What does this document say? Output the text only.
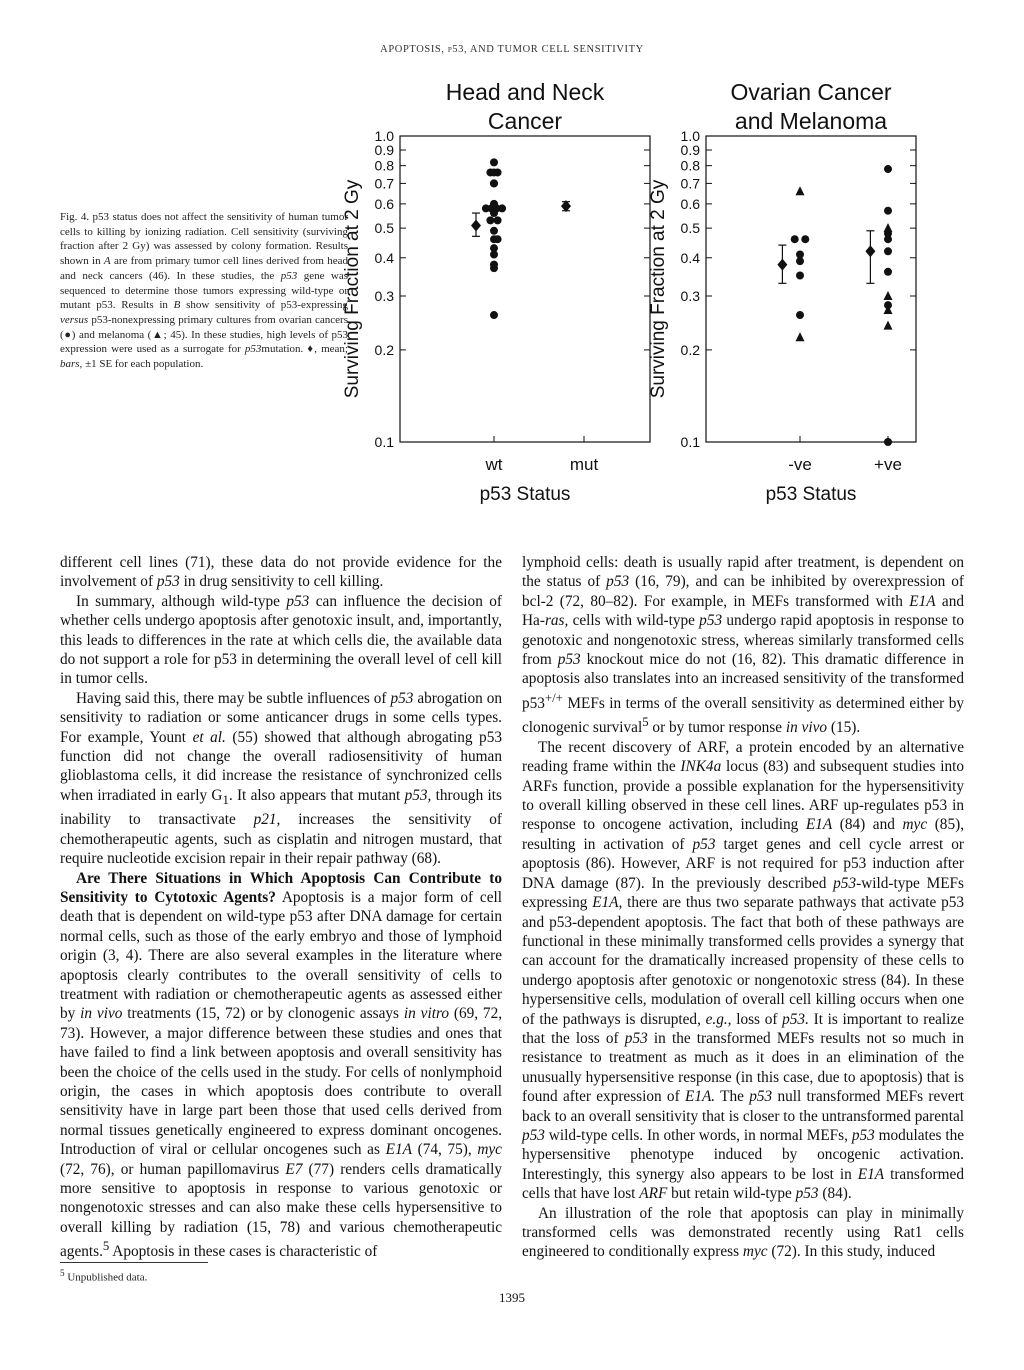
APOPTOSIS, p53, AND TUMOR CELL SENSITIVITY
Fig. 4. p53 status does not affect the sensitivity of human tumor cells to killing by ionizing radiation. Cell sensitivity (surviving fraction after 2 Gy) was assessed by colony formation. Results shown in A are from primary tumor cell lines derived from head and neck cancers (46). In these studies, the p53 gene was sequenced to determine those tumors expressing wild-type or mutant p53. Results in B show sensitivity of p53-expressing versus p53-nonexpressing primary cultures from ovarian cancers (●) and melanoma (▲; 45). In these studies, high levels of p53 expression were used as a surrogate for p53mutation. ♦, mean; bars, ±1 SE for each population.
Head and Neck
Cancer
0.1
0.2
0.3
0.4
0.5
0.6
0.7
0.8
0.9
1.0
Surviving Fraction at 2 Gy
wt	mut
p53 Status
Ovarian Cancer
and Melanoma
0.1
0.2
0.3
0.4
0.5
0.6
0.7
0.8
0.9
1.0
Surviving Fraction at 2 Gy
-ve	+ve
p53 Status

different cell lines (71), these data do not provide evidence for the involvement of p53 in drug sensitivity to cell killing.

In summary, although wild-type p53 can influence the decision of whether cells undergo apoptosis after genotoxic insult, and, importantly, this leads to differences in the rate at which cells die, the available data do not support a role for p53 in determining the overall level of cell kill in tumor cells.

Having said this, there may be subtle influences of p53 abrogation on sensitivity to radiation or some anticancer drugs in some cells types. For example, Yount et al. (55) showed that although abrogating p53 function did not change the overall radiosensitivity of human glioblastoma cells, it did increase the resistance of synchronized cells when irradiated in early $G_1$. It also appears that mutant p53, through its inability to transactivate p21, increases the sensitivity of chemotherapeutic agents, such as cisplatin and nitrogen mustard, that require nucleotide excision repair in their repair pathway (68).

Are There Situations in Which Apoptosis Can Contribute to Sensitivity to Cytotoxic Agents? Apoptosis is a major form of cell death that is dependent on wild-type p53 after DNA damage for certain normal cells, such as those of the early embryo and those of lymphoid origin (3, 4). There are also several examples in the literature where apoptosis clearly contributes to the overall sensitivity of cells to treatment with radiation or chemotherapeutic agents as assessed either by in vivo treatments (15, 72) or by clonogenic assays in vitro (69, 72, 73). However, a major difference between these studies and ones that have failed to find a link between apoptosis and overall sensitivity has been the choice of the cells used in the study. For cells of nonlymphoid origin, the cases in which apoptosis does contribute to overall sensitivity have in large part been those that used cells derived from normal tissues genetically engineered to express dominant oncogenes. Introduction of viral or cellular oncogenes such as E1A (74, 75), myc (72, 76), or human papillomavirus E7 (77) renders cells dramatically more sensitive to apoptosis in response to various genotoxic or nongenotoxic stresses and can also make these cells hypersensitive to overall killing by radiation (15, 78) and various chemotherapeutic agents.$^5$ Apoptosis in these cases is characteristic of

lymphoid cells: death is usually rapid after treatment, is dependent on the status of p53 (16, 79), and can be inhibited by overexpression of bcl-2 (72, 80–82). For example, in MEFs transformed with E1A and Ha-ras, cells with wild-type p53 undergo rapid apoptosis in response to genotoxic and nongenotoxic stress, whereas similarly transformed cells from p53 knockout mice do not (16, 82). This dramatic difference in apoptosis also translates into an increased sensitivity of the transformed p53+/+ MEFs in terms of the overall sensitivity as determined either by clonogenic survival$^5$ or by tumor response in vivo (15).

The recent discovery of ARF, a protein encoded by an alternative reading frame within the INK4a locus (83) and subsequent studies into ARFs function, provide a possible explanation for the hypersensitivity to overall killing observed in these cell lines. ARF up-regulates p53 in response to oncogene activation, including E1A (84) and myc (85), resulting in activation of p53 target genes and cell cycle arrest or apoptosis (86). However, ARF is not required for p53 induction after DNA damage (87). In the previously described p53-wild-type MEFs expressing E1A, there are thus two separate pathways that activate p53 and p53-dependent apoptosis. The fact that both of these pathways are functional in these minimally transformed cells provides a synergy that can account for the dramatically increased propensity of these cells to undergo apoptosis after genotoxic or nongenotoxic stress (84). In these hypersensitive cells, modulation of overall cell killing occurs when one of the pathways is disrupted, e.g., loss of p53. It is important to realize that the loss of p53 in the transformed MEFs results not so much in resistance to treatment as much as it does in an elimination of the unusually hypersensitive response (in this case, due to apoptosis) that is found after expression of E1A. The p53 null transformed MEFs revert back to an overall sensitivity that is closer to the untransformed parental p53 wild-type cells. In other words, in normal MEFs, p53 modulates the hypersensitive phenotype induced by oncogenic activation. Interestingly, this synergy also appears to be lost in E1A transformed cells that have lost ARF but retain wild-type p53 (84).

An illustration of the role that apoptosis can play in minimally transformed cells was demonstrated recently using Rat1 cells engineered to conditionally express myc (72). In this study, induced

$^5$ Unpublished data.
1395
